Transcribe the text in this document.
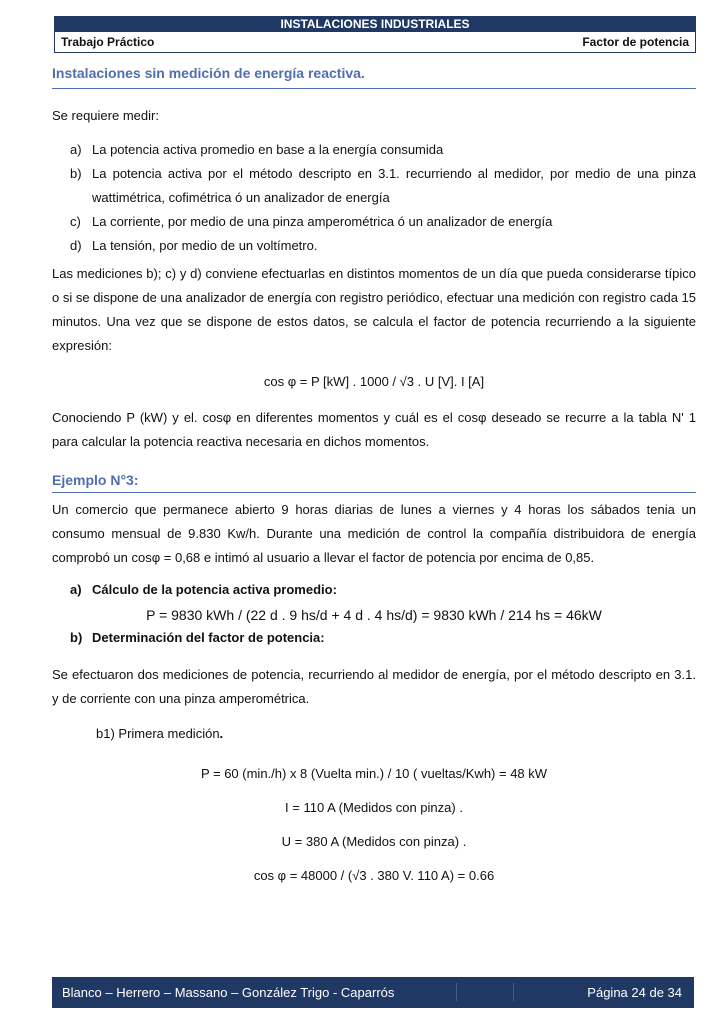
INSTALACIONES INDUSTRIALES
Trabajo Práctico	Factor de potencia
Instalaciones sin medición de energía reactiva.
Se requiere medir:
a) La potencia activa promedio en base a la energía consumida
b) La potencia activa por el método descripto en 3.1. recurriendo al medidor, por medio de una pinza wattimétrica, cofimétrica ó un analizador de energía
c) La corriente, por medio de una pinza amperométrica ó un analizador de energía
d) La tensión, por medio de un voltímetro.
Las mediciones b); c) y d) conviene efectuarlas en distintos momentos de un día que pueda considerarse típico o si se dispone de una analizador de energía con registro periódico, efectuar una medición con registro cada 15 minutos. Una vez que se dispone de estos datos, se calcula el factor de potencia recurriendo a la siguiente expresión:
cos φ = P [kW] . 1000 / √3 . U [V]. I [A]
Conociendo P (kW) y el. cosφ en diferentes momentos y cuál es el cosφ deseado se recurre a la tabla N' 1 para calcular la potencia reactiva necesaria en dichos momentos.
Ejemplo N°3:
Un comercio que permanece abierto 9 horas diarias de lunes a viernes y 4 horas los sábados tenia un consumo mensual de 9.830 Kw/h. Durante una medición de control la compañía distribuidora de energía comprobó un cosφ = 0,68 e intimó al usuario a llevar el factor de potencia por encima de 0,85.
a) Cálculo de la potencia activa promedio:
P = 9830 kWh / (22 d . 9 hs/d + 4 d . 4 hs/d) = 9830 kWh / 214 hs = 46kW
b) Determinación del factor de potencia:
Se efectuaron dos mediciones de potencia, recurriendo al medidor de energía, por el método descripto en 3.1. y de corriente con una pinza amperométrica.
b1) Primera medición.
P = 60 (min./h) x 8 (Vuelta min.) / 10 ( vueltas/Kwh) = 48 kW
I = 110 A (Medidos con pinza) .
U = 380 A (Medidos con pinza) .
cos φ = 48000 / (√3 . 380 V. 110 A) = 0.66
Blanco – Herrero – Massano – González Trigo - Caparrós	Página 24 de 34
